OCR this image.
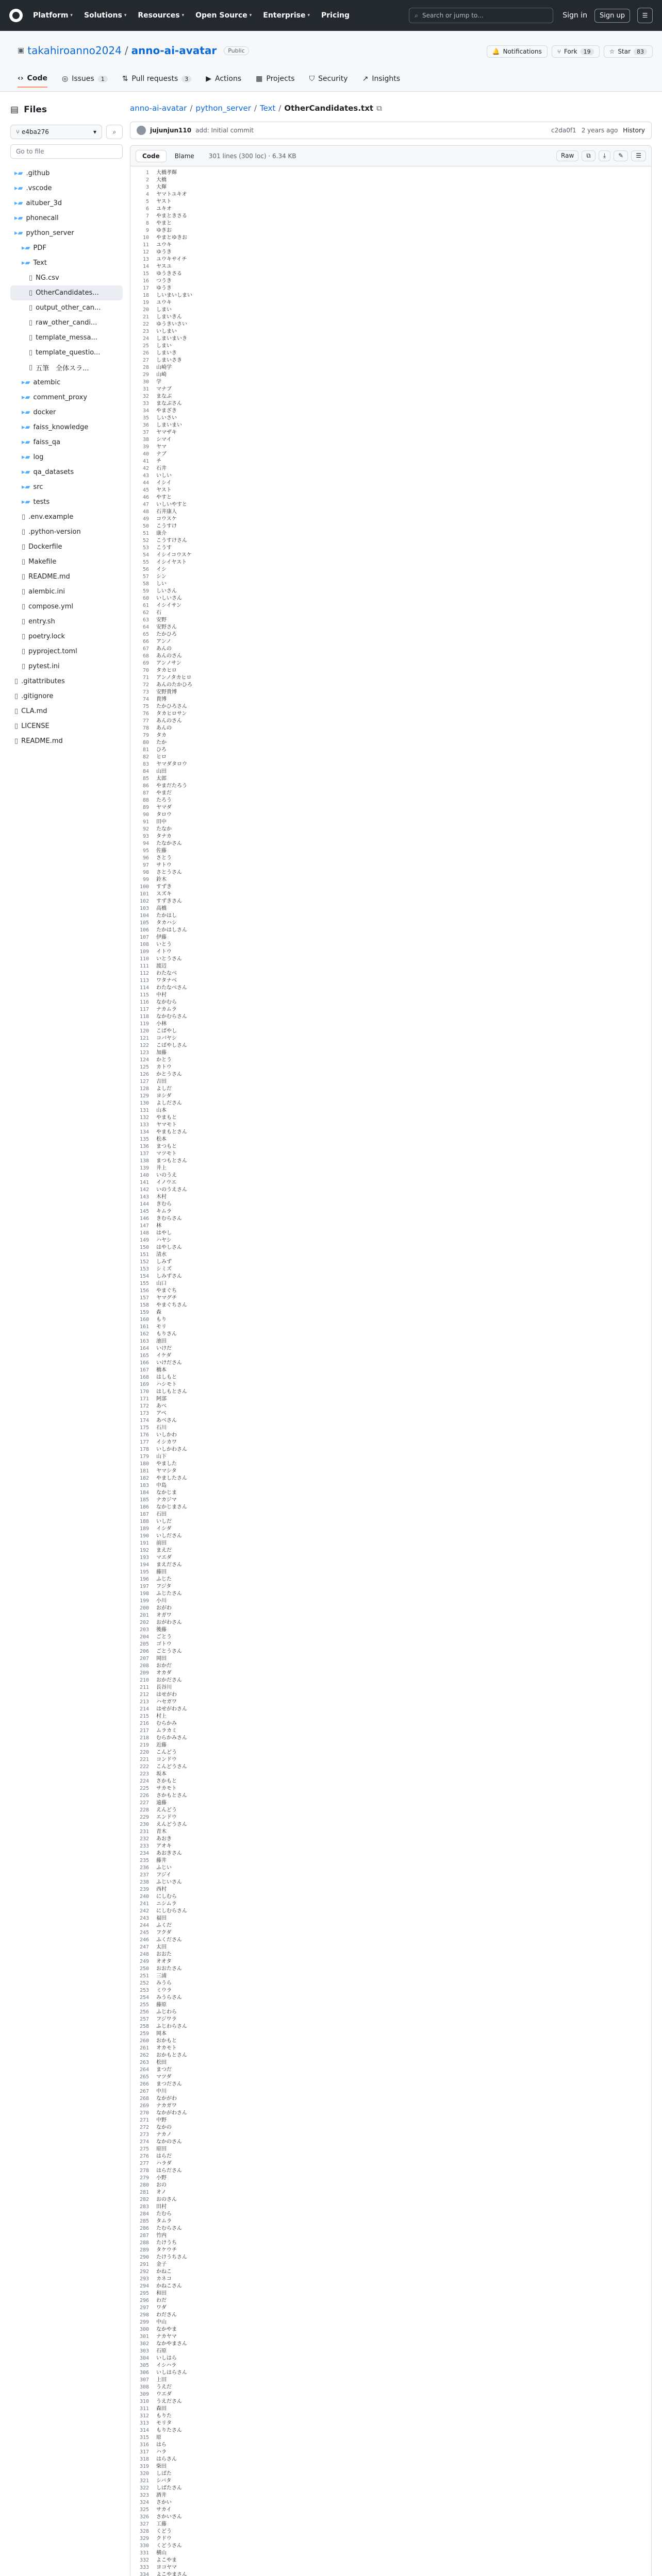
Platform ▾ Solutions ▾ Resources ▾ Open Source ▾ Enterprise ▾ Pricing	⌕ Search or jump to...	Sign in	Sign up	☰
▣ takahiroanno2024 / anno-ai-avatar	Public	🔔 Notifications	⑂ Fork	19	☆ Star	83
‹› Code ◎ Issues	1	⇅ Pull requests	3	▶ Actions ▦ Projects ⛉ Security ↗ Insights
▤ Files
⑂ e4ba276	▾	⌕
Go to file
▸▰ .github
▸▰ .vscode
▸▰ aituber_3d
▸▰ phonecall
▸▰ python_server
▸▰ PDF
▸▰ Text
▯ NG.csv
▯ OtherCandidates...
▯ output_other_can...
▯ raw_other_candi...
▯ template_messa...
▯ template_questio...
▯ 五筆　全体スラ...
▸▰ atembic
▸▰ comment_proxy
▸▰ docker
▸▰ faiss_knowledge
▸▰ faiss_qa
▸▰ log
▸▰ qa_datasets
▸▰ src
▸▰ tests
▯ .env.example
▯ .python-version
▯ Dockerfile
▯ Makefile
▯ README.md
▯ alembic.ini
▯ compose.yml
▯ entry.sh
▯ poetry.lock
▯ pyproject.toml
▯ pytest.ini
▯ .gitattributes
▯ .gitignore
▯ CLA.md
▯ LICENSE
▯ README.md
anno-ai-avatar / python_server / Text / OtherCandidates.txt ⧉
jujunjun110 add: Initial commit	c2da0f1 2 years ago History
Code	Blame	301 lines (300 loc) · 6.34 KB	Raw	⧉	⤓	✎	☰
1	大橋孝輝
2	大橋
3	大輝
4	ヤマトユキオ
5	ヤスト
6	ユキオ
7	やまときさる
8	やまと
9	ゆきお
10	やまとゆきお
11	ユウキ
12	ゆうき
13	ユウキサイチ
14	ヤスユ
15	ゆうきさる
16	つうき
17	ゆうき
18	しいまいしまい
19	ユウキ
20	しまい
21	しまいきん
22	ゆうきいさい
23	いしまい
24	しまいまいき
25	しまい
26	しまいき
27	しまいさき
28	山崎学
29	山崎
30	学
31	マナブ
32	まなぶ
33	まなぶさん
34	やまざき
35	しいさい
36	しまいまい
37	ヤマザキ
38	シマイ
39	ヤマ
40	ナブ
41	チ
42	石井
43	いしい
44	イシイ
45	ヤスト
46	やすと
47	いしいやすと
48	石井康人
49	コウスケ
50	こうすけ
51	康介
52	こうすけさん
53	こうす
54	イシイコウスケ
55	イシイヤスト
56	イシ
57	シン
58	しい
59	しいさん
60	いしいさん
61	イシイサン
62	石
63	安野
64	安野さん
65	たかひろ
66	アンノ
67	あんの
68	あんのさん
69	アンノサン
70	タカヒロ
71	アンノタカヒロ
72	あんのたかひろ
73	安野貴博
74	貴博
75	たかひろさん
76	タカヒロサン
77	あんのさん
78	あんの
79	タカ
80	たか
81	ひろ
82	ヒロ
83	ヤマダタロウ
84	山田
85	太郎
86	やまだたろう
87	やまだ
88	たろう
89	ヤマダ
90	タロウ
91	田中
92	たなか
93	タナカ
94	たなかさん
95	佐藤
96	さとう
97	サトウ
98	さとうさん
99	鈴木
100	すずき
101	スズキ
102	すずきさん
103	高橋
104	たかはし
105	タカハシ
106	たかはしさん
107	伊藤
108	いとう
109	イトウ
110	いとうさん
111	渡辺
112	わたなべ
113	ワタナベ
114	わたなべさん
115	中村
116	なかむら
117	ナカムラ
118	なかむらさん
119	小林
120	こばやし
121	コバヤシ
122	こばやしさん
123	加藤
124	かとう
125	カトウ
126	かとうさん
127	吉田
128	よしだ
129	ヨシダ
130	よしださん
131	山本
132	やまもと
133	ヤマモト
134	やまもとさん
135	松本
136	まつもと
137	マツモト
138	まつもとさん
139	井上
140	いのうえ
141	イノウエ
142	いのうえさん
143	木村
144	きむら
145	キムラ
146	きむらさん
147	林
148	はやし
149	ハヤシ
150	はやしさん
151	清水
152	しみず
153	シミズ
154	しみずさん
155	山口
156	やまぐち
157	ヤマグチ
158	やまぐちさん
159	森
160	もり
161	モリ
162	もりさん
163	池田
164	いけだ
165	イケダ
166	いけださん
167	橋本
168	はしもと
169	ハシモト
170	はしもとさん
171	阿部
172	あべ
173	アベ
174	あべさん
175	石川
176	いしかわ
177	イシカワ
178	いしかわさん
179	山下
180	やました
181	ヤマシタ
182	やましたさん
183	中島
184	なかじま
185	ナカジマ
186	なかじまさん
187	石田
188	いしだ
189	イシダ
190	いしださん
191	前田
192	まえだ
193	マエダ
194	まえださん
195	藤田
196	ふじた
197	フジタ
198	ふじたさん
199	小川
200	おがわ
201	オガワ
202	おがわさん
203	後藤
204	ごとう
205	ゴトウ
206	ごとうさん
207	岡田
208	おかだ
209	オカダ
210	おかださん
211	長谷川
212	はせがわ
213	ハセガワ
214	はせがわさん
215	村上
216	むらかみ
217	ムラカミ
218	むらかみさん
219	近藤
220	こんどう
221	コンドウ
222	こんどうさん
223	坂本
224	さかもと
225	サカモト
226	さかもとさん
227	遠藤
228	えんどう
229	エンドウ
230	えんどうさん
231	青木
232	あおき
233	アオキ
234	あおきさん
235	藤井
236	ふじい
237	フジイ
238	ふじいさん
239	西村
240	にしむら
241	ニシムラ
242	にしむらさん
243	福田
244	ふくだ
245	フクダ
246	ふくださん
247	太田
248	おおた
249	オオタ
250	おおたさん
251	三浦
252	みうら
253	ミウラ
254	みうらさん
255	藤原
256	ふじわら
257	フジワラ
258	ふじわらさん
259	岡本
260	おかもと
261	オカモト
262	おかもとさん
263	松田
264	まつだ
265	マツダ
266	まつださん
267	中川
268	なかがわ
269	ナカガワ
270	なかがわさん
271	中野
272	なかの
273	ナカノ
274	なかのさん
275	原田
276	はらだ
277	ハラダ
278	はらださん
279	小野
280	おの
281	オノ
282	おのさん
283	田村
284	たむら
285	タムラ
286	たむらさん
287	竹内
288	たけうち
289	タケウチ
290	たけうちさん
291	金子
292	かねこ
293	カネコ
294	かねこさん
295	和田
296	わだ
297	ワダ
298	わださん
299	中山
300	なかやま
301	ナカヤマ
302	なかやまさん
303	石原
304	いしはら
305	イシハラ
306	いしはらさん
307	上田
308	うえだ
309	ウエダ
310	うえださん
311	森田
312	もりた
313	モリタ
314	もりたさん
315	原
316	はら
317	ハラ
318	はらさん
319	柴田
320	しばた
321	シバタ
322	しばたさん
323	酒井
324	さかい
325	サカイ
326	さかいさん
327	工藤
328	くどう
329	クドウ
330	くどうさん
331	横山
332	よこやま
333	ヨコヤマ
334	よこやまさん
